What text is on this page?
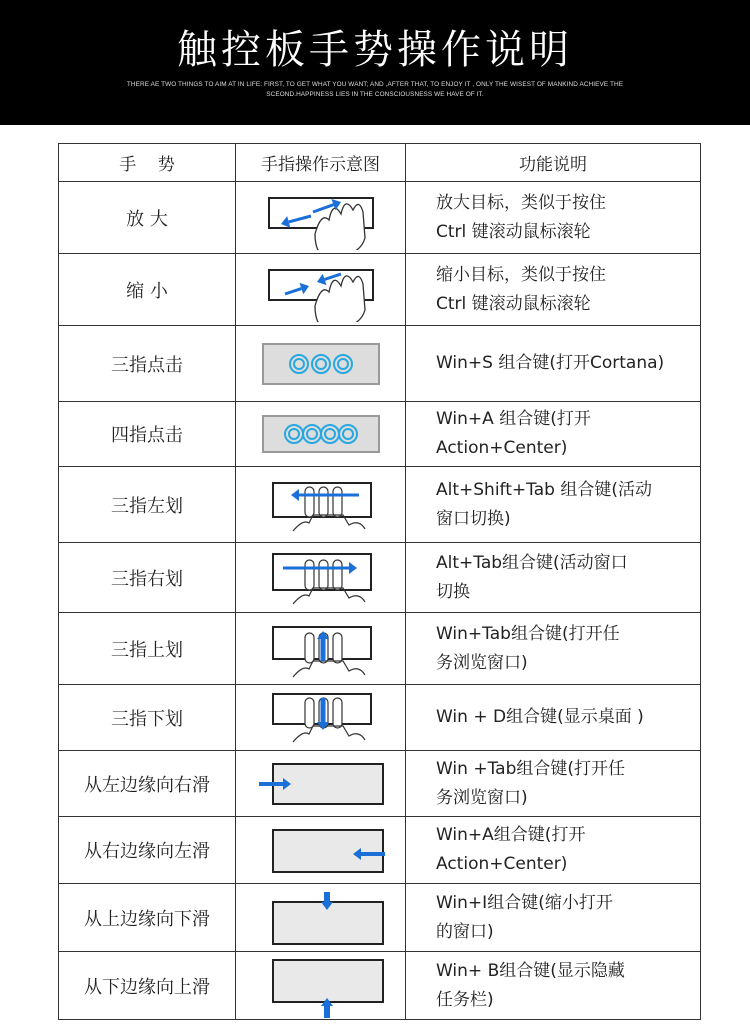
触控板手势操作说明
THERE AE TWO THINGS TO AIM AT IN LIFE: FIRST, TO GET WHAT YOU WANT; AND ,AFTER THAT, TO ENJOY IT , ONLY THE WISEST OF MANKIND ACHIEVE THE SCEOND.HAPPINESS LIES IN THE CONSCIOUSNESS WE HAVE OF IT.
手    势	手指操作示意图	功能说明
放 大		放大目标，类似于按住
Ctrl 键滚动鼠标滚轮

缩 小		缩小目标，类似于按住
Ctrl 键滚动鼠标滚轮

三指点击		Win+S 组合键(打开Cortana)

四指点击		Win+A 组合键(打开
Action+Center)

三指左划		Alt+Shift+Tab 组合键(活动
窗口切换)

三指右划		Alt+Tab组合键(活动窗口
切换

三指上划		Win+Tab组合键(打开任
务浏览窗口)

三指下划		Win + D组合键(显示桌面 )

从左边缘向右滑		Win +Tab组合键(打开任
务浏览窗口)

从右边缘向左滑		Win+A组合键(打开
Action+Center)

从上边缘向下滑		Win+I组合键(缩小打开
的窗口)

从下边缘向上滑		Win+ B组合键(显示隐藏
任务栏)
